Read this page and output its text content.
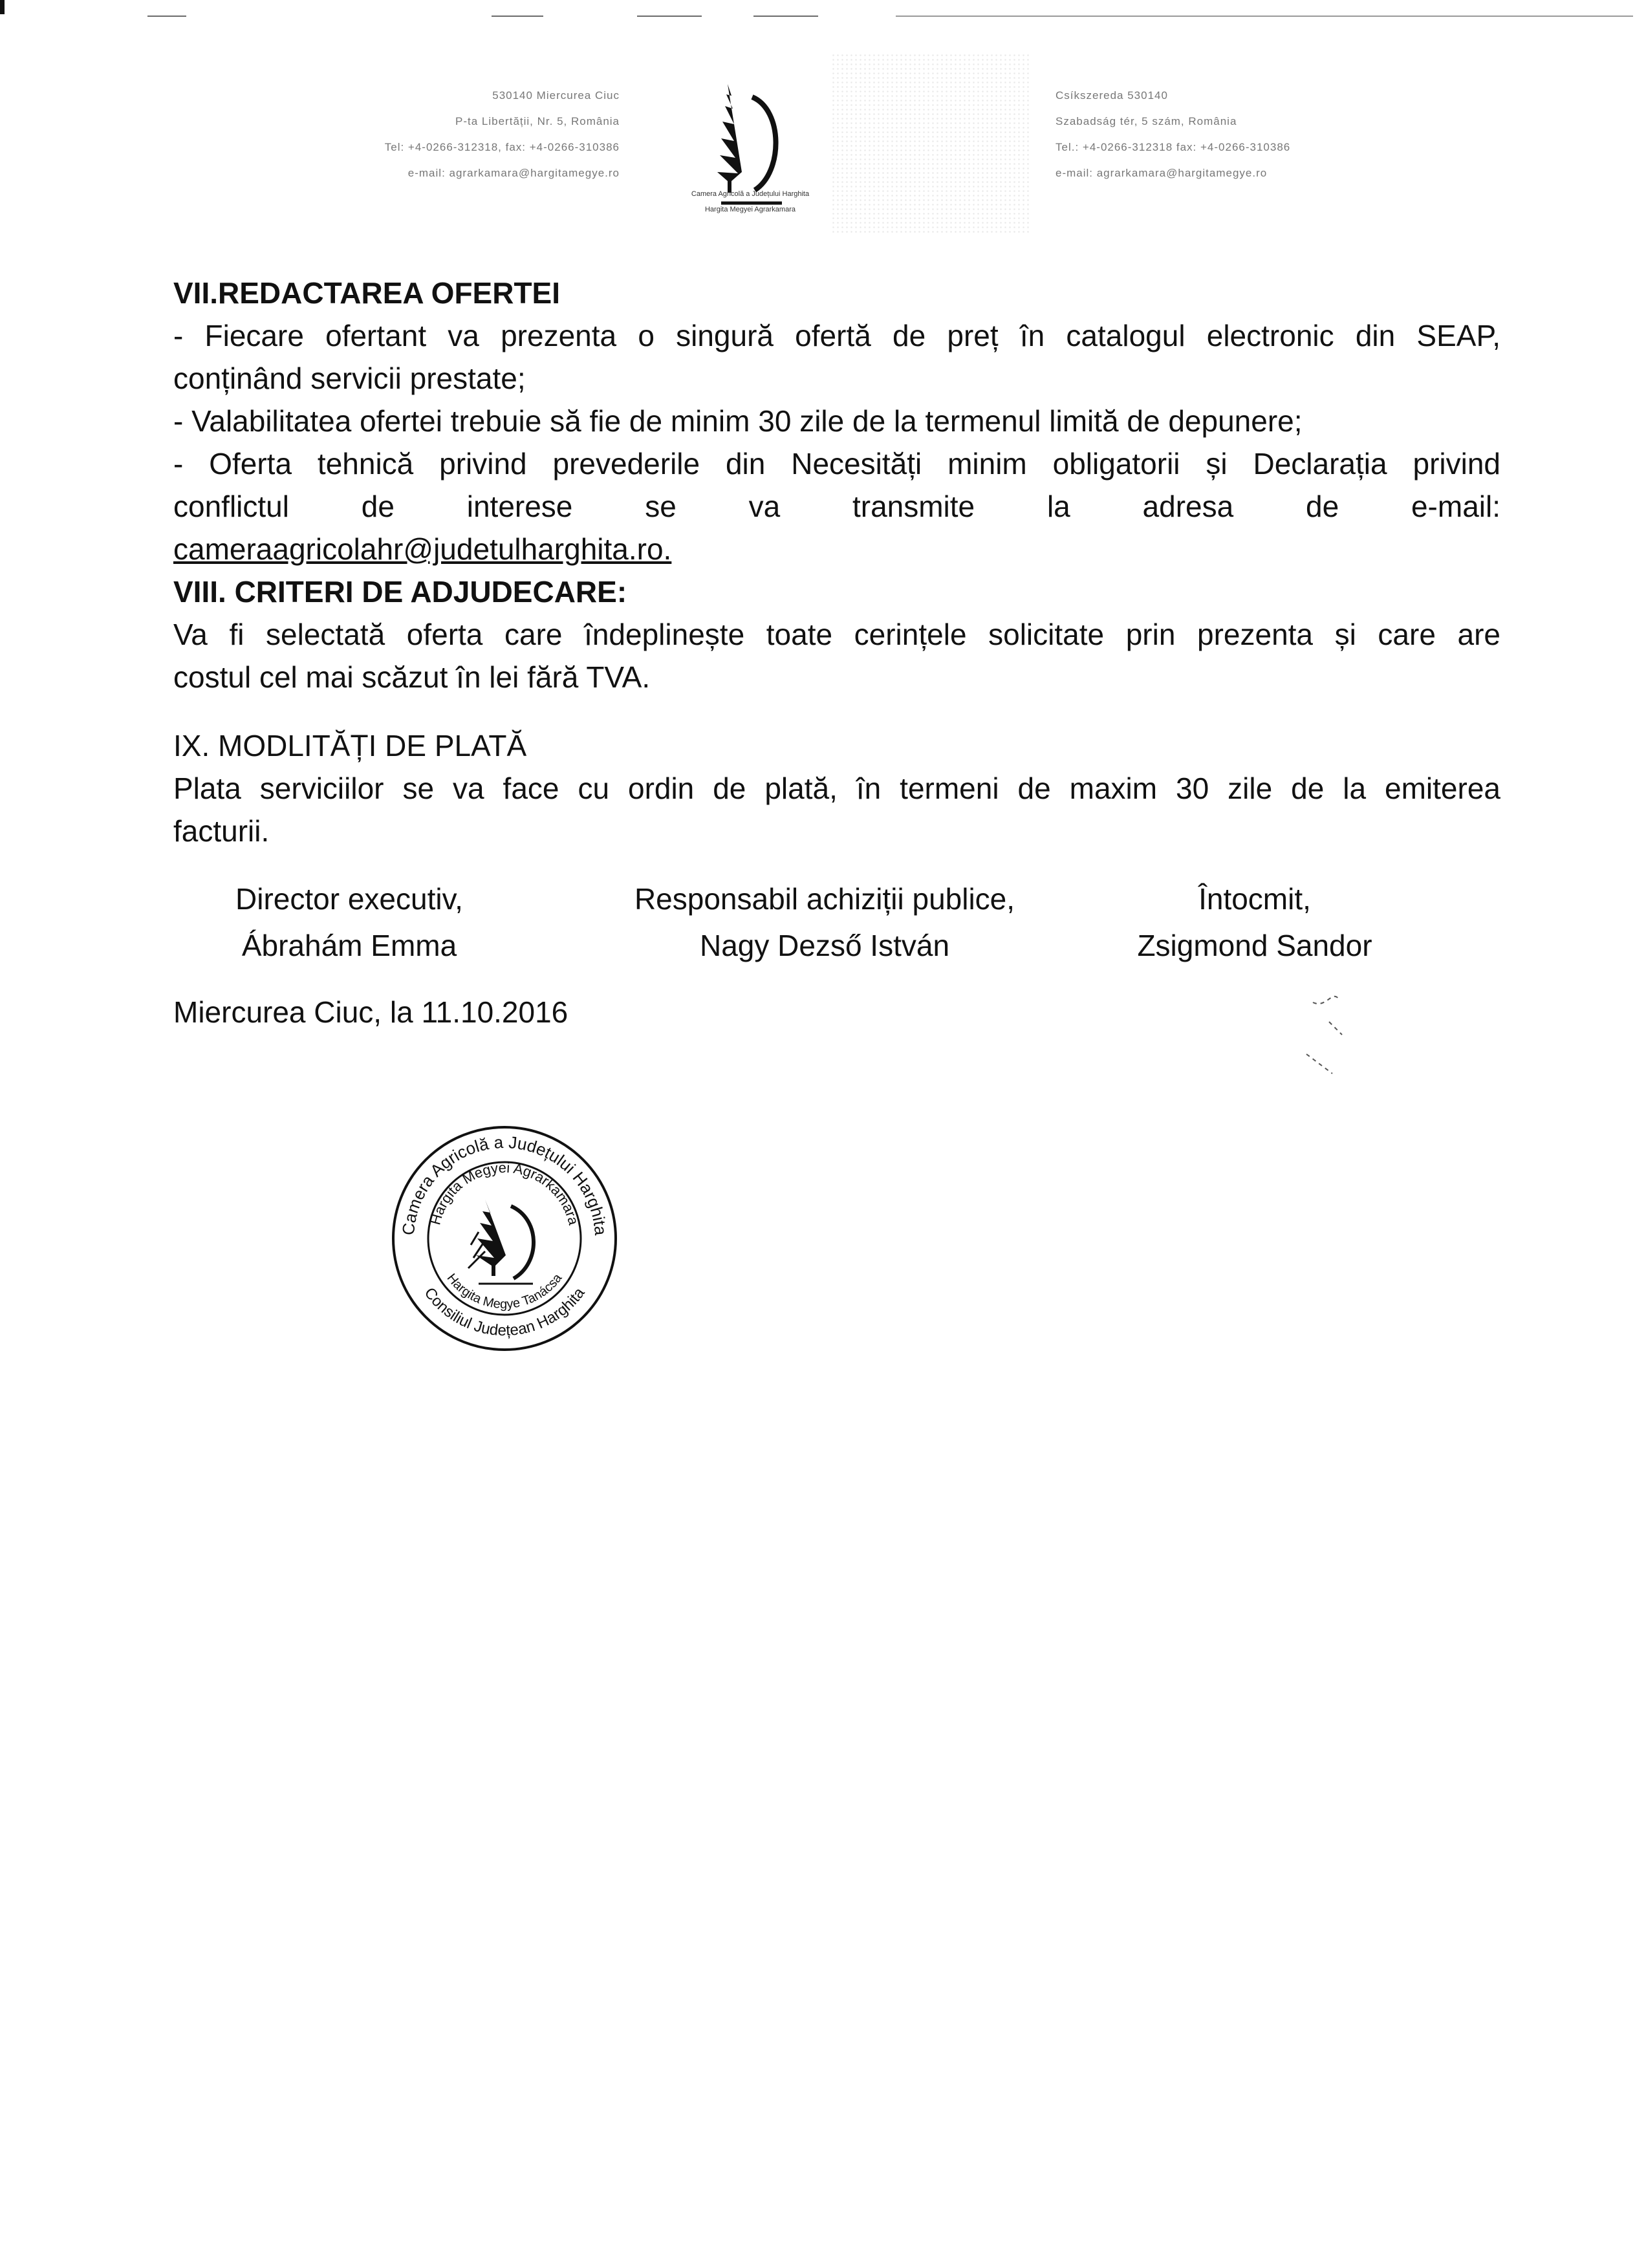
530140 Miercurea Ciuc
P-ta Libertății, Nr. 5, România
Tel: +4-0266-312318, fax: +4-0266-310386
e-mail: agrarkamara@hargitamegye.ro
Camera Agricolă a Județului Harghita
Hargita Megyei Agrarkamara
Csíkszereda 530140
Szabadság tér, 5 szám, România
Tel.: +4-0266-312318 fax: +4-0266-310386
e-mail: agrarkamara@hargitamegye.ro
VII.REDACTAREA OFERTEI
- Fiecare ofertant va prezenta o singură ofertă de preț în catalogul electronic din SEAP,
conținând servicii prestate;
- Valabilitatea ofertei trebuie să fie de minim 30 zile de la termenul limită de depunere;
- Oferta tehnică privind prevederile din Necesități minim obligatorii și Declarația privind
conflictul de interese se va transmite la adresa de e-mail:
cameraagricolahr@judetulharghita.ro.
VIII. CRITERI DE ADJUDECARE:
Va fi selectată oferta care îndeplinește toate cerințele solicitate prin prezenta și care are
costul cel mai scăzut în lei fără TVA.
IX. MODLITĂȚI DE PLATĂ
Plata serviciilor se va face cu ordin de plată, în termeni de maxim 30 zile de la emiterea
facturii.
Director executiv,
Ábrahám Emma
Responsabil achiziții publice,
Nagy Dezső István
Întocmit,
Zsigmond Sandor
Miercurea Ciuc, la 11.10.2016
Camera Agricolă a Județului Harghita
Hargita Megyei Agrarkamara
Consiliul Județean Harghita
Hargita Megye Tanácsa
